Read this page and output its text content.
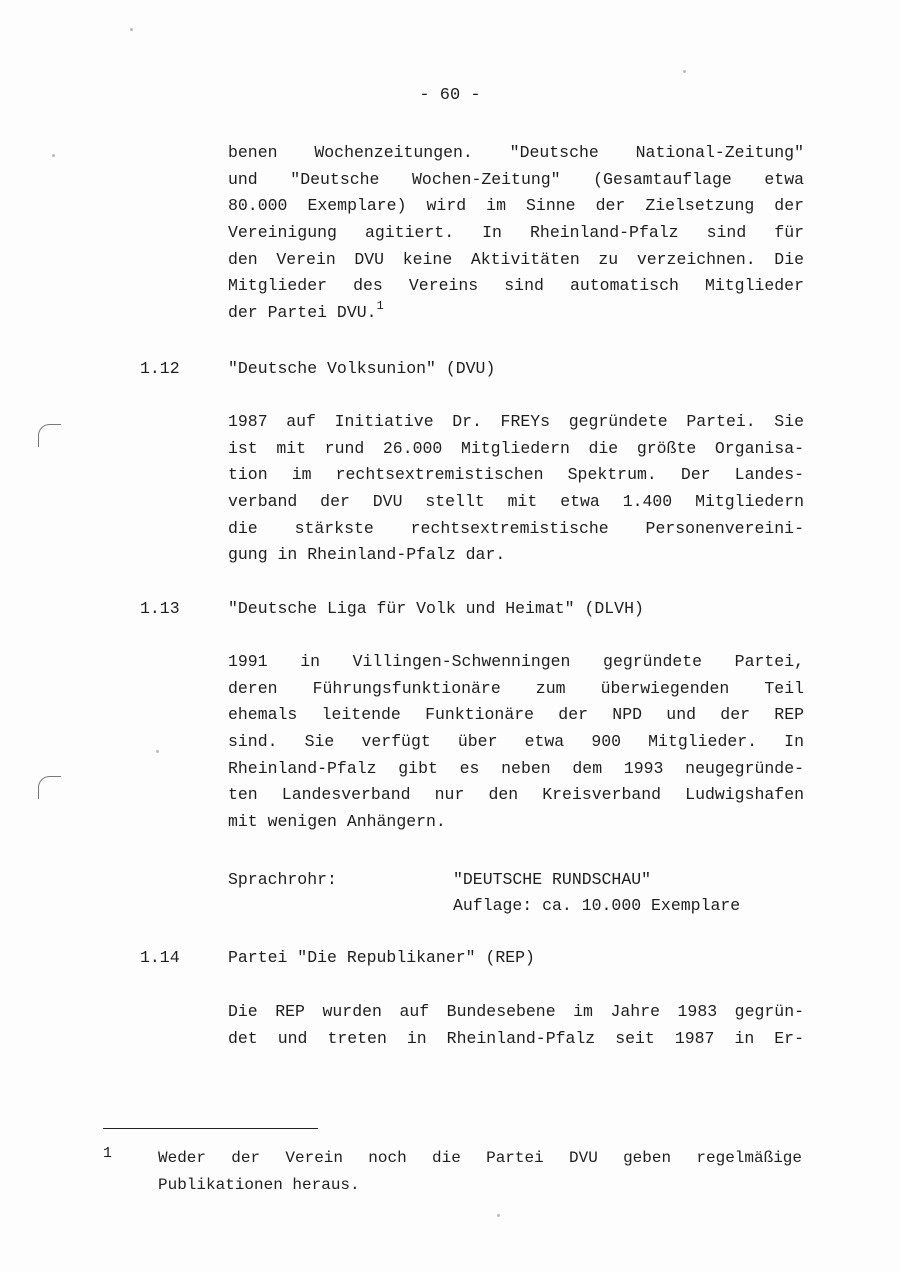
- 60 -
benen Wochenzeitungen. "Deutsche National-Zeitung"
und "Deutsche Wochen-Zeitung" (Gesamtauflage etwa
80.000 Exemplare) wird im Sinne der Zielsetzung der
Vereinigung agitiert. In Rheinland-Pfalz sind für
den Verein DVU keine Aktivitäten zu verzeichnen. Die
Mitglieder des Vereins sind automatisch Mitglieder
der Partei DVU.$^1$
1.12	"Deutsche Volksunion" (DVU)
1987 auf Initiative Dr. FREYs gegründete Partei. Sie
ist mit rund 26.000 Mitgliedern die größte Organisa-
tion im rechtsextremistischen Spektrum. Der Landes-
verband der DVU stellt mit etwa 1.400 Mitgliedern
die stärkste rechtsextremistische Personenvereini-
gung in Rheinland-Pfalz dar.
1.13	"Deutsche Liga für Volk und Heimat" (DLVH)
1991 in Villingen-Schwenningen gegründete Partei,
deren Führungsfunktionäre zum überwiegenden Teil
ehemals leitende Funktionäre der NPD und der REP
sind. Sie verfügt über etwa 900 Mitglieder. In
Rheinland-Pfalz gibt es neben dem 1993 neugegründe-
ten Landesverband nur den Kreisverband Ludwigshafen
mit wenigen Anhängern.
Sprachrohr:	"DEUTSCHE RUNDSCHAU"
Auflage: ca. 10.000 Exemplare
1.14	Partei "Die Republikaner" (REP)
Die REP wurden auf Bundesebene im Jahre 1983 gegrün-
det und treten in Rheinland-Pfalz seit 1987 in Er-
1	Weder der Verein noch die Partei DVU geben regelmäßige
Publikationen heraus.
